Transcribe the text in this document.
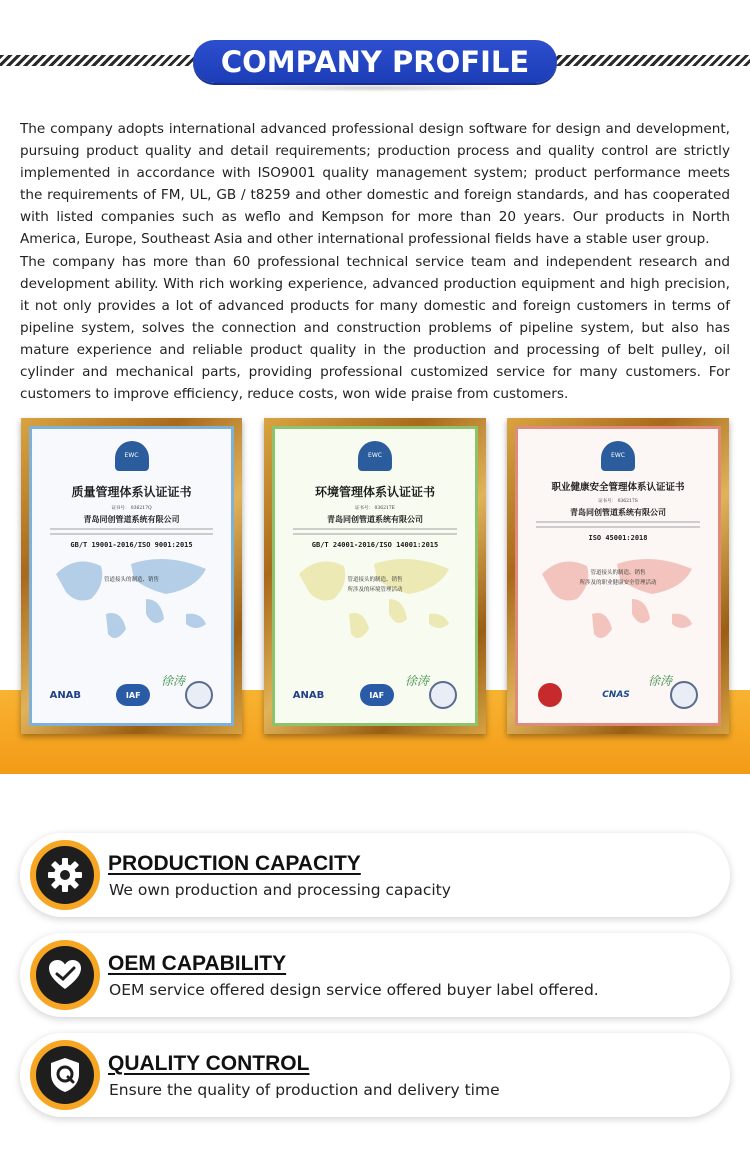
COMPANY PROFILE

The company adopts international advanced professional design software for design and development, pursuing product quality and detail requirements; production process and quality control are strictly implemented in accordance with ISO9001 quality management system; product performance meets the requirements of FM, UL, GB / t8259 and other domestic and foreign standards, and has cooperated with listed companies such as weflo and Kempson for more than 20 years. Our products in North America, Europe, Southeast Asia and other international professional fields have a stable user group.

The company has more than 60 professional technical service team and independent research and development ability. With rich working experience, advanced production equipment and high precision, it not only provides a lot of advanced products for many domestic and foreign customers in terms of pipeline system, solves the connection and construction problems of pipeline system, but also has mature experience and reliable product quality in the production and processing of belt pulley, oil cylinder and mechanical parts, providing professional customized service for many customers. For customers to improve efficiency, reduce costs, won wide praise from customers.

EWC
质量管理体系认证证书
证书号： 036217Q
青岛同创管道系统有限公司
GB/T 19001-2016/ISO 9001:2015
管道接头的制造、销售
徐涛
ANAB	IAF
EWC
环境管理体系认证证书
证书号： 036217E
青岛同创管道系统有限公司
GB/T 24001-2016/ISO 14001:2015
管道接头的制造、销售
所涉及的环境管理活动
徐涛
ANAB	IAF
EWC
职业健康安全管理体系认证证书
证书号： 036217S
青岛同创管道系统有限公司
ISO 45001:2018
管道接头的制造、销售
所涉及的职业健康安全管理活动
徐涛
CNAS
PRODUCTION CAPACITY
We own production and processing capacity
OEM CAPABILITY
OEM service offered design service offered buyer label offered.
QUALITY CONTROL
Ensure the quality of production and delivery time
